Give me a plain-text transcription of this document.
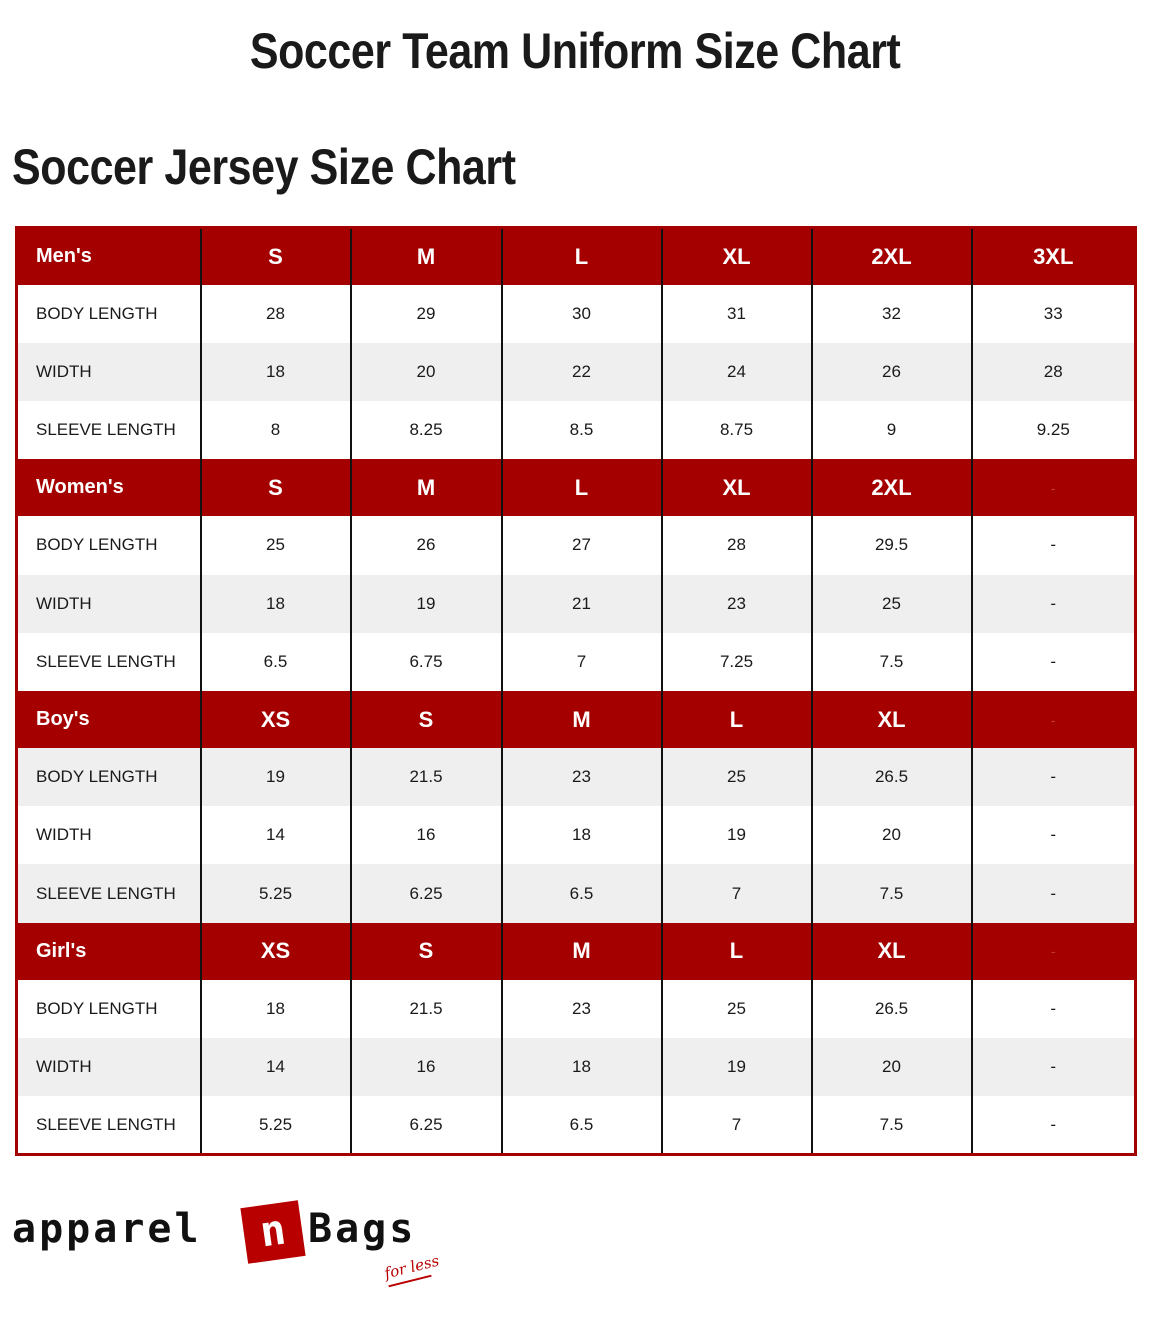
Soccer Team Uniform Size Chart
Soccer Jersey Size Chart
Men's	S	M	L	XL	2XL	3XL
BODY LENGTH	28	29	30	31	32	33
WIDTH	18	20	22	24	26	28
SLEEVE LENGTH	8	8.25	8.5	8.75	9	9.25
Women's	S	M	L	XL	2XL	-
BODY LENGTH	25	26	27	28	29.5	-
WIDTH	18	19	21	23	25	-
SLEEVE LENGTH	6.5	6.75	7	7.25	7.5	-
Boy's	XS	S	M	L	XL	-
BODY LENGTH	19	21.5	23	25	26.5	-
WIDTH	14	16	18	19	20	-
SLEEVE LENGTH	5.25	6.25	6.5	7	7.5	-
Girl's	XS	S	M	L	XL	-
BODY LENGTH	18	21.5	23	25	26.5	-
WIDTH	14	16	18	19	20	-
SLEEVE LENGTH	5.25	6.25	6.5	7	7.5	-
apparel	n Bags
for less
